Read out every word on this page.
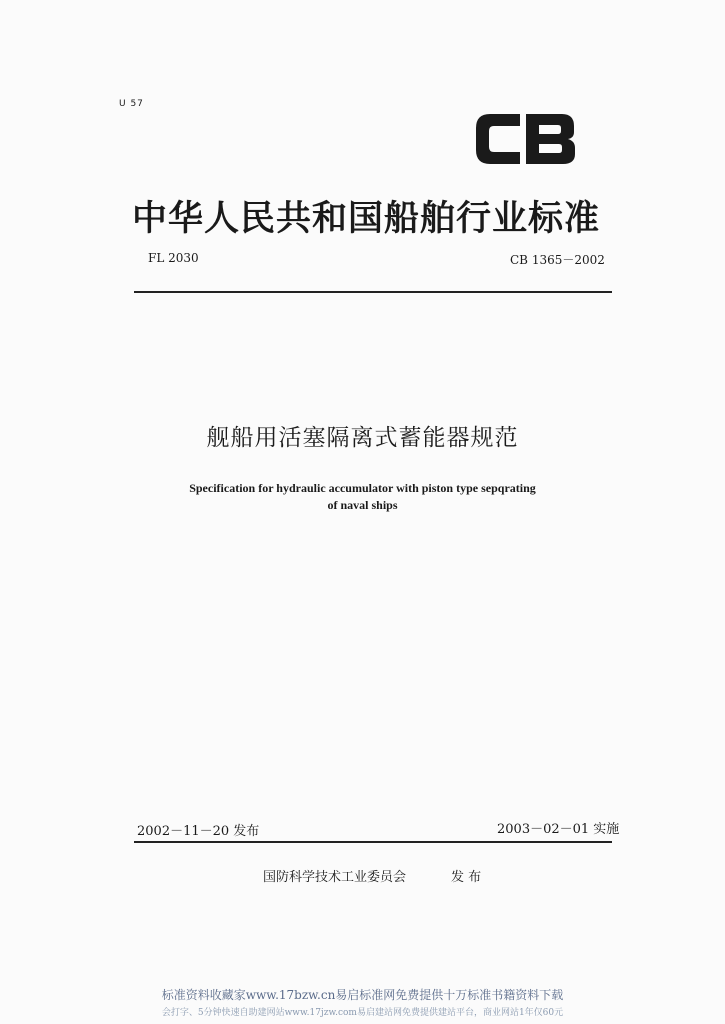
U 57
CB
中华人民共和国船舶行业标准
FL 2030	CB 1365－2002
舰船用活塞隔离式蓄能器规范
Specification for hydraulic accumulator with piston type sepqrating
of naval ships
2002－11－20 发布	2003－02－01 实施
国防科学技术工业委员会	发 布
标准资料收藏家www.17bzw.cn易启标准网免费提供十万标准书籍资料下载
会打字、5分钟快速自助建网站www.17jzw.com易启建站网免费提供建站平台，商业网站1年仅60元
